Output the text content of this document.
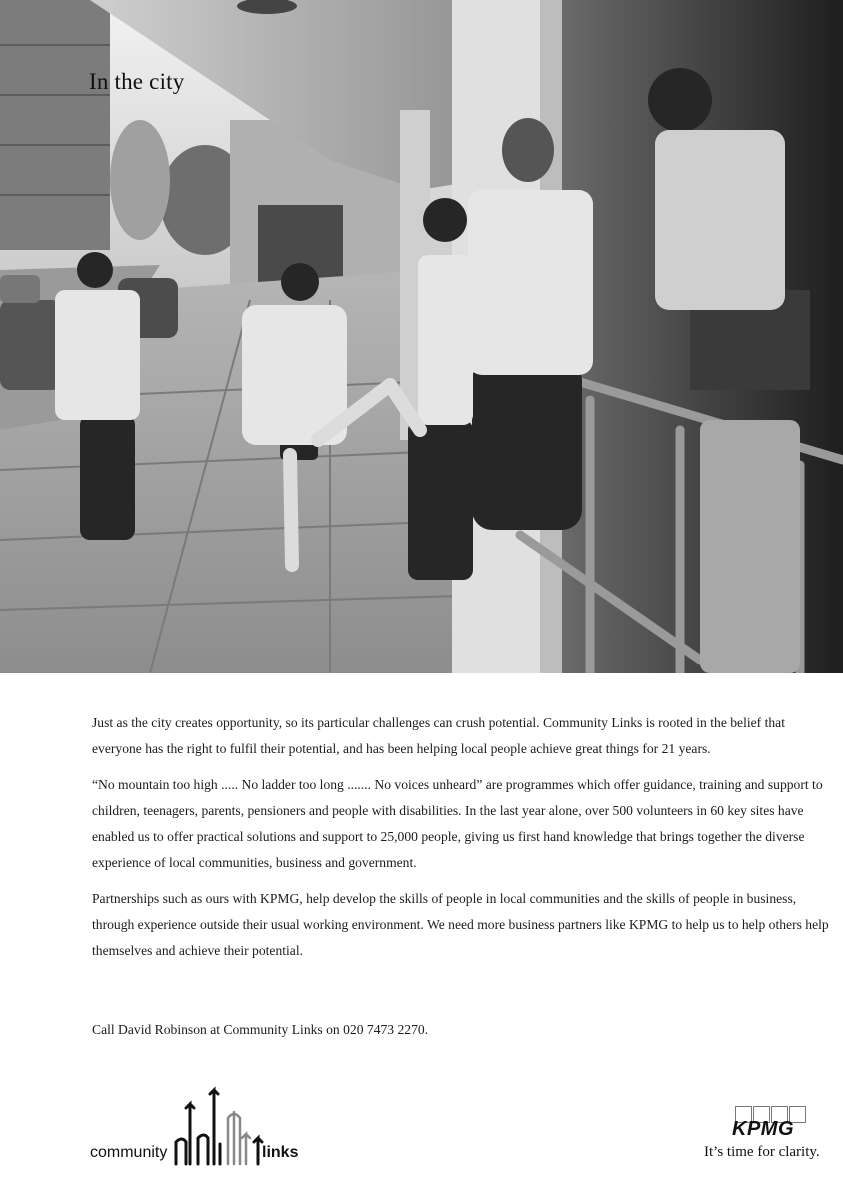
In the city

Just as the city creates opportunity, so its particular challenges can crush potential. Community Links is rooted in the belief that everyone has the right to fulfil their potential, and has been helping local people achieve great things for 21 years.

“No mountain too high ..... No ladder too long ....... No voices unheard” are programmes which offer guidance, training and support to children, teenagers, parents, pensioners and people with disabilities. In the last year alone, over 500 volunteers in 60 key sites have enabled us to offer practical solutions and support to 25,000 people, giving us first hand knowledge that brings together the diverse experience of local communities, business and government.

Partnerships such as ours with KPMG, help develop the skills of people in local communities and the skills of people in business, through experience outside their usual working environment. We need more business partners like KPMG to help us to help others help themselves and achieve their potential.

Call David Robinson at Community Links on 020 7473 2270.
community	links
KPMG
It’s time for clarity.
